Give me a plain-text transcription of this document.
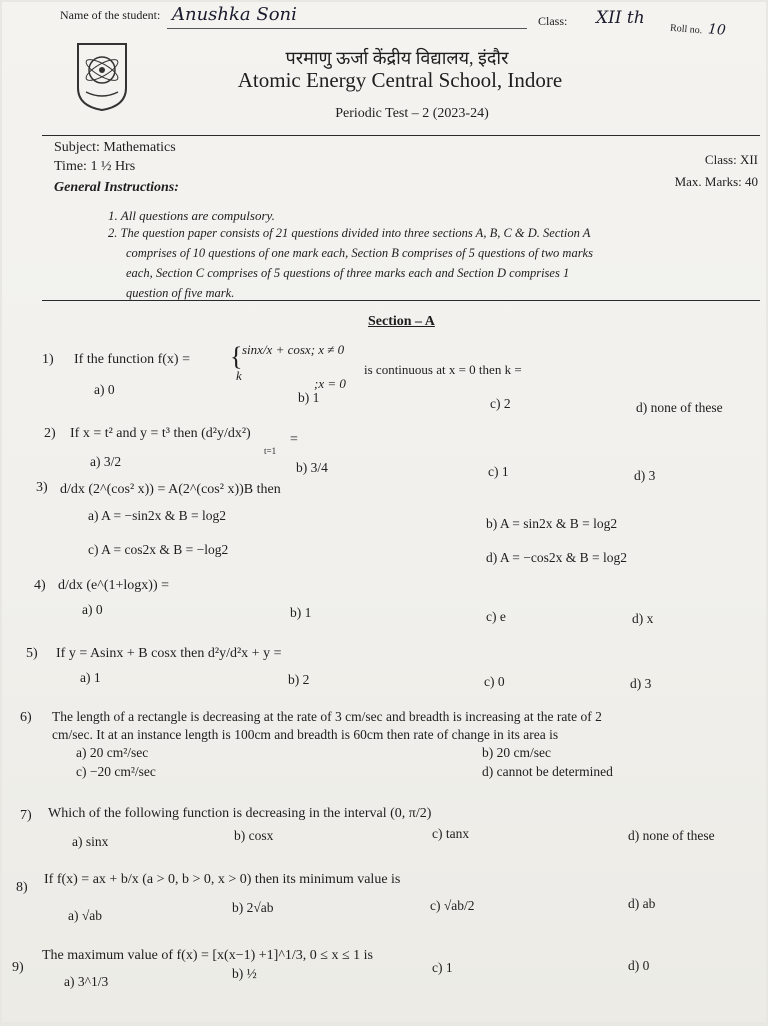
Name of the student: Anushka Soni	Class: XII th
Roll no. 10
परमाणु ऊर्जा केंद्रीय विद्यालय, इंदौर
Atomic Energy Central School, Indore
Periodic Test – 2 (2023-24)
Subject: Mathematics
Time: 1 ½ Hrs	Class: XII
Max. Marks: 40
General Instructions:
1. All questions are compulsory.
2. The question paper consists of 21 questions divided into three sections A, B, C & D. Section A
comprises of 10 questions of one mark each, Section B comprises of 5 questions of two marks
each, Section C comprises of 5 questions of three marks each and Section D comprises 1
question of five mark.
Section – A
1) If the function f(x) = { sinx/x + cosx; x ≠ 0
k
;x = 0
is continuous at x = 0 then k =
a) 0
b) 1	c) 2	d) none of these
2) If x = t² and y = t³ then (d²y/dx²)
t=1
=
a) 3/2	b) 3/4	c) 1	d) 3
3) d/dx (2^(cos² x)) = A(2^(cos² x))B then
a) A = −sin2x & B = log2
b) A = sin2x & B = log2
c) A = cos2x & B = −log2
d) A = −cos2x & B = log2
4) d/dx (e^(1+logx)) =
a) 0	b) 1	c) e	d) x
5) If y = Asinx + B cosx then d²y/d²x + y =
a) 1	b) 2	c) 0	d) 3
6) The length of a rectangle is decreasing at the rate of 3 cm/sec and breadth is increasing at the rate of 2
cm/sec. It at an instance length is 100cm and breadth is 60cm then rate of change in its area is
a) 20 cm²/sec	b) 20 cm/sec
c) −20 cm²/sec	d) cannot be determined
7) Which of the following function is decreasing in the interval (0, π/2)
a) sinx	b) cosx	c) tanx	d) none of these
8)
If f(x) = ax + b/x (a > 0, b > 0, x > 0) then its minimum value is
a) √ab
b) 2√ab	c) √ab/2	d) ab
9)
The maximum value of f(x) = [x(x−1) +1]^1/3, 0 ≤ x ≤ 1 is
a) 3^1/3
b) ½	c) 1	d) 0
